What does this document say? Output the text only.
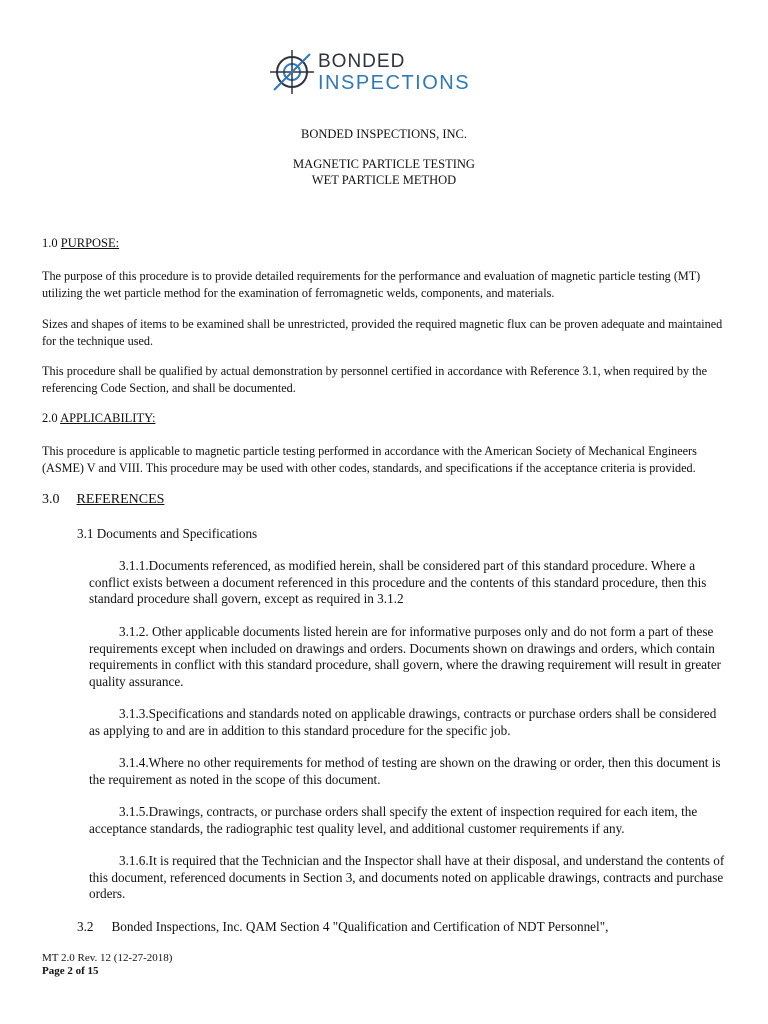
BONDED
INSPECTIONS
BONDED INSPECTIONS, INC.
MAGNETIC PARTICLE TESTING
WET PARTICLE METHOD
1.0 PURPOSE:
The purpose of this procedure is to provide detailed requirements for the performance and evaluation of magnetic particle testing (MT) utilizing the wet particle method for the examination of ferromagnetic welds, components, and materials.
Sizes and shapes of items to be examined shall be unrestricted, provided the required magnetic flux can be proven adequate and maintained for the technique used.
This procedure shall be qualified by actual demonstration by personnel certified in accordance with Reference 3.1, when required by the referencing Code Section, and shall be documented.
2.0 APPLICABILITY:
This procedure is applicable to magnetic particle testing performed in accordance with the American Society of Mechanical Engineers (ASME) V and VIII. This procedure may be used with other codes, standards, and specifications if the acceptance criteria is provided.
3.0 REFERENCES
3.1 Documents and Specifications
3.1.1.Documents referenced, as modified herein, shall be considered part of this standard procedure. Where a conflict exists between a document referenced in this procedure and the contents of this standard procedure, then this standard procedure shall govern, except as required in 3.1.2
3.1.2. Other applicable documents listed herein are for informative purposes only and do not form a part of these requirements except when included on drawings and orders. Documents shown on drawings and orders, which contain requirements in conflict with this standard procedure, shall govern, where the drawing requirement will result in greater quality assurance.
3.1.3.Specifications and standards noted on applicable drawings, contracts or purchase orders shall be considered as applying to and are in addition to this standard procedure for the specific job.
3.1.4.Where no other requirements for method of testing are shown on the drawing or order, then this document is the requirement as noted in the scope of this document.
3.1.5.Drawings, contracts, or purchase orders shall specify the extent of inspection required for each item, the acceptance standards, the radiographic test quality level, and additional customer requirements if any.
3.1.6.It is required that the Technician and the Inspector shall have at their disposal, and understand the contents of this document, referenced documents in Section 3, and documents noted on applicable drawings, contracts and purchase orders.
3.2 Bonded Inspections, Inc. QAM Section 4 "Qualification and Certification of NDT Personnel",
MT 2.0 Rev. 12 (12-27-2018)
Page 2 of 15
